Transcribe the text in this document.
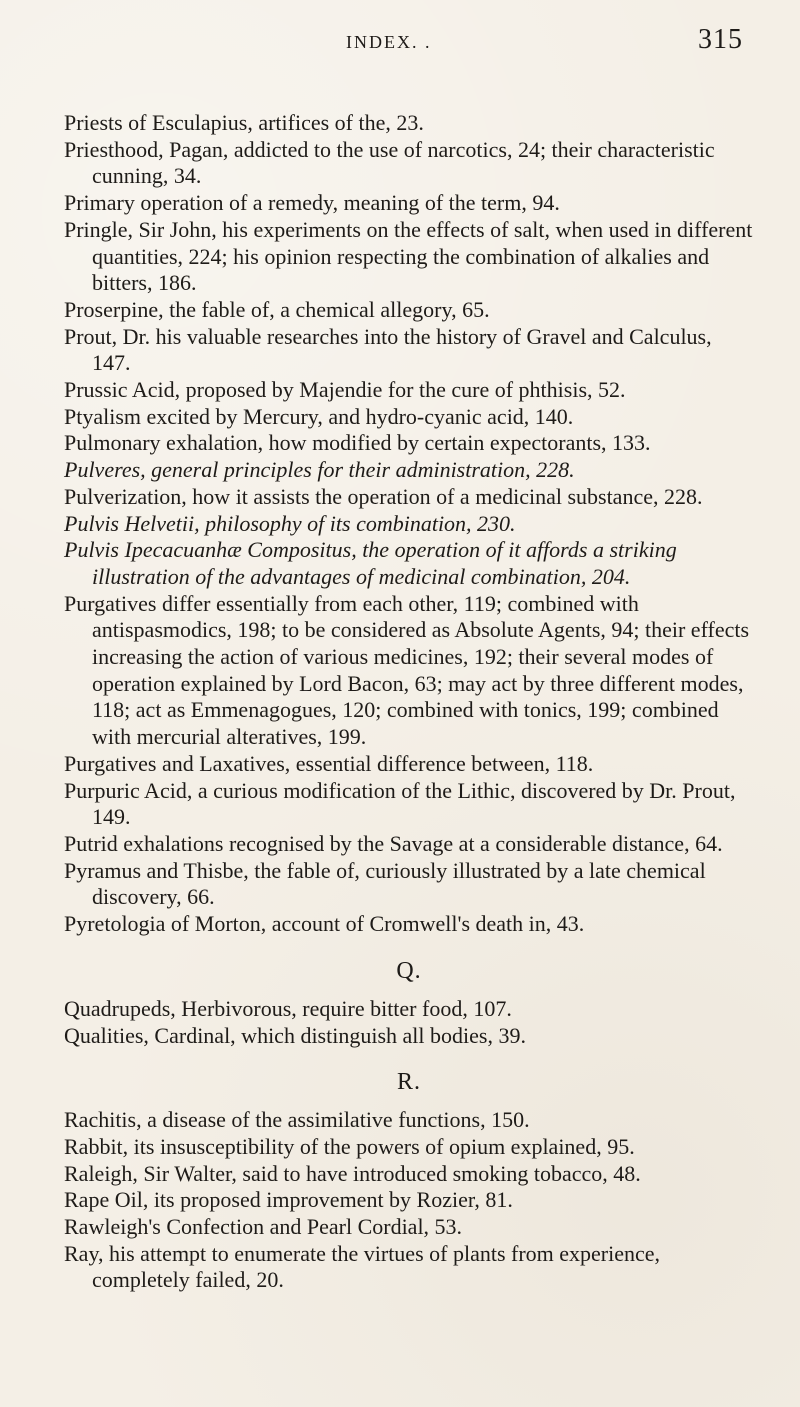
INDEX. .	315

Priests of Esculapius, artifices of the, 23.

Priesthood, Pagan, addicted to the use of narcotics, 24; their characteristic cunning, 34.

Primary operation of a remedy, meaning of the term, 94.

Pringle, Sir John, his experiments on the effects of salt, when used in different quantities, 224; his opinion respecting the combination of alkalies and bitters, 186.

Proserpine, the fable of, a chemical allegory, 65.

Prout, Dr. his valuable researches into the history of Gravel and Calculus, 147.

Prussic Acid, proposed by Majendie for the cure of phthisis, 52.

Ptyalism excited by Mercury, and hydro-cyanic acid, 140.

Pulmonary exhalation, how modified by certain expectorants, 133.

Pulveres, general principles for their administration, 228.

Pulverization, how it assists the operation of a medicinal substance, 228.

Pulvis Helvetii, philosophy of its combination, 230.

Pulvis Ipecacuanhæ Compositus, the operation of it affords a striking illustration of the advantages of medicinal combination, 204.

Purgatives differ essentially from each other, 119; combined with antispasmodics, 198; to be considered as Absolute Agents, 94; their effects increasing the action of various medicines, 192; their several modes of operation explained by Lord Bacon, 63; may act by three different modes, 118; act as Emmenagogues, 120; combined with tonics, 199; combined with mercurial alteratives, 199.

Purgatives and Laxatives, essential difference between, 118.

Purpuric Acid, a curious modification of the Lithic, discovered by Dr. Prout, 149.

Putrid exhalations recognised by the Savage at a considerable distance, 64.

Pyramus and Thisbe, the fable of, curiously illustrated by a late chemical discovery, 66.

Pyretologia of Morton, account of Cromwell's death in, 43.

Q.

Quadrupeds, Herbivorous, require bitter food, 107.

Qualities, Cardinal, which distinguish all bodies, 39.

R.

Rachitis, a disease of the assimilative functions, 150.

Rabbit, its insusceptibility of the powers of opium explained, 95.

Raleigh, Sir Walter, said to have introduced smoking tobacco, 48.

Rape Oil, its proposed improvement by Rozier, 81.

Rawleigh's Confection and Pearl Cordial, 53.

Ray, his attempt to enumerate the virtues of plants from experience, completely failed, 20.
